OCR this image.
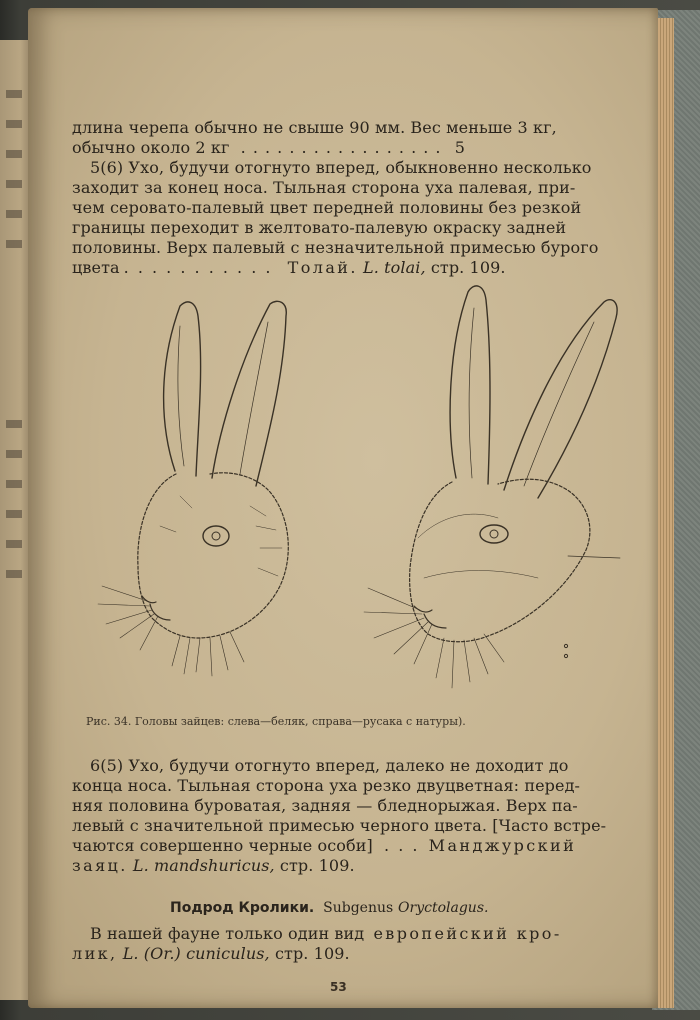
длина черепа обычно не свыше 90 мм. Вес меньше 3 кг,
обычно около 2 кг . . . . . . . . . . . . . . . . . 5
5(6) Ухо, будучи отогнуто вперед, обыкновенно несколько
заходит за конец носа. Тыльная сторона уха палевая, при-
чем серовато-палевый цвет передней половины без резкой
границы переходит в желтовато-палевую окраску задней
половины. Верх палевый с незначительной примесью бурого
цвета . . . . . . . . . . . Толай. L. tolai, стр. 109.
Рис. 34. Головы зайцев: слева—беляк, справа—русака с натуры).
6(5) Ухо, будучи отогнуто вперед, далеко не доходит до
конца носа. Тыльная сторона уха резко двуцветная: перед-
няя половина буроватая, задняя — бледнорыжая. Верх па-
левый с значительной примесью черного цвета. [Часто встре-
чаются совершенно черные особи] . . . Манджурский
заяц. L. mandshuricus, стр. 109.
Подрод Кролики. Subgenus Oryctolagus.
В нашей фауне только один вид европейский кро-
лик, L. (Or.) cuniculus, стр. 109.
53
